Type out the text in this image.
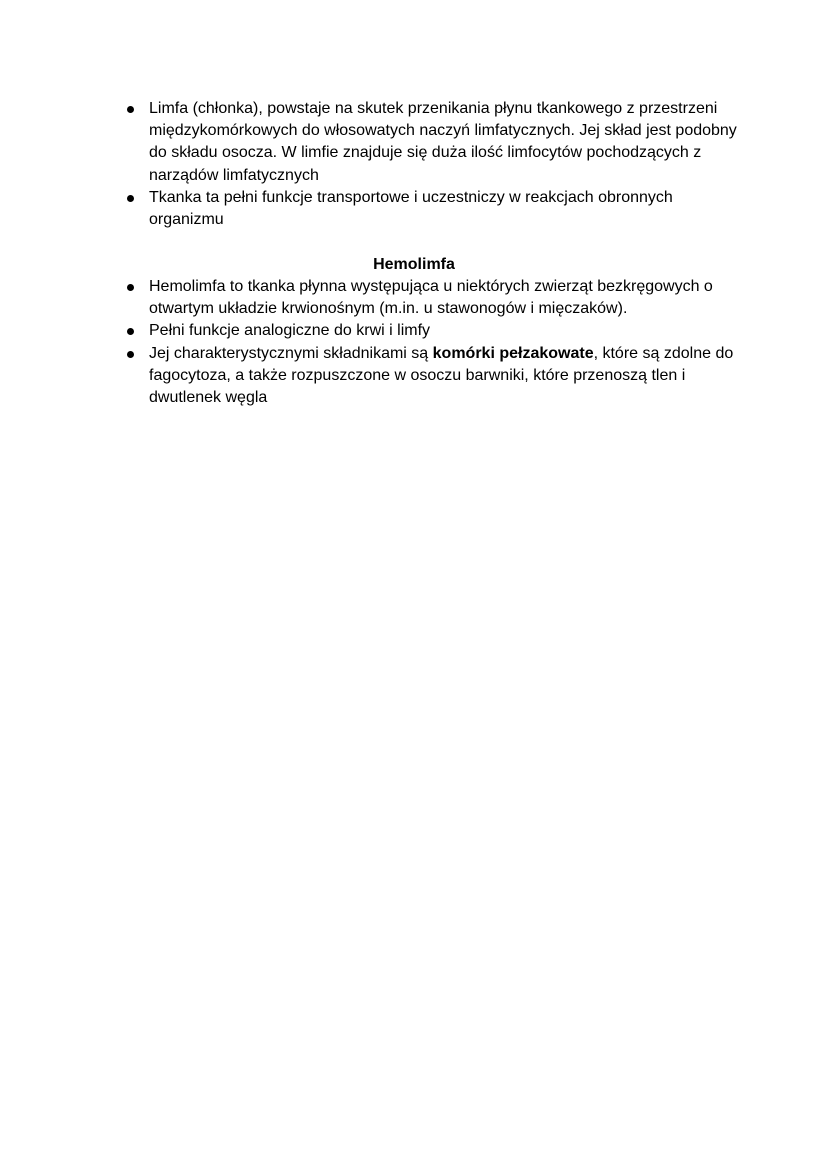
Limfa (chłonka), powstaje na skutek przenikania płynu tkankowego z przestrzeni międzykomórkowych do włosowatych naczyń limfatycznych. Jej skład jest podobny do składu osocza. W limfie znajduje się duża ilość limfocytów pochodzących z narządów limfatycznych
Tkanka ta pełni funkcje transportowe i uczestniczy w reakcjach obronnych organizmu
Hemolimfa
Hemolimfa to tkanka płynna występująca u niektórych zwierząt bezkręgowych o otwartym układzie krwionośnym (m.in. u stawonogów i mięczaków).
Pełni funkcje analogiczne do krwi i limfy
Jej charakterystycznymi składnikami są komórki pełzakowate, które są zdolne do fagocytoza, a także rozpuszczone w osoczu barwniki, które przenoszą tlen i dwutlenek węgla
